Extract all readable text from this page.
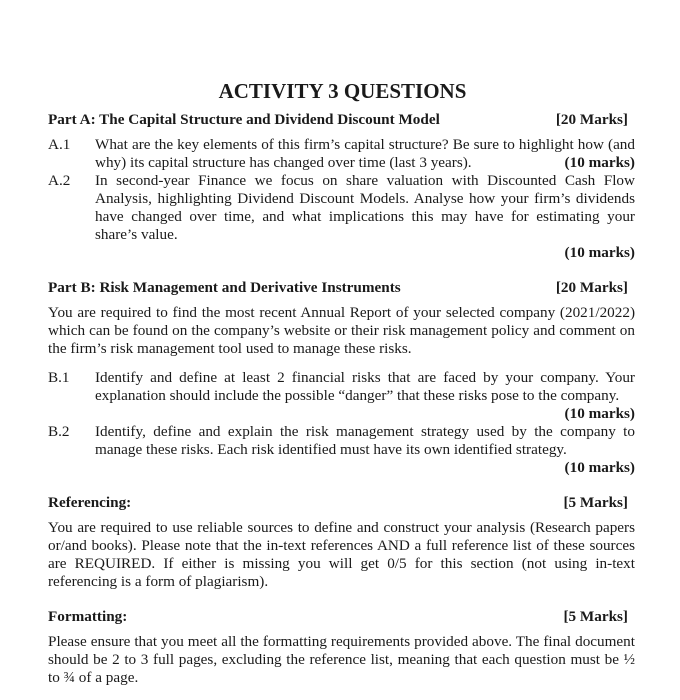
ACTIVITY 3 QUESTIONS
Part A: The Capital Structure and Dividend Discount Model	[20 Marks]
A.1	What are the key elements of this firm’s capital structure? Be sure to highlight how (and why) its capital structure has changed over time (last 3 years).	(10 marks)
A.2	In second-year Finance we focus on share valuation with Discounted Cash Flow Analysis, highlighting Dividend Discount Models. Analyse how your firm’s dividends have changed over time, and what implications this may have for estimating your share’s value.
(10 marks)
Part B: Risk Management and Derivative Instruments	[20 Marks]

You are required to find the most recent Annual Report of your selected company (2021/2022) which can be found on the company’s website or their risk management policy and comment on the firm’s risk management tool used to manage these risks.

B.1	Identify and define at least 2 financial risks that are faced by your company. Your explanation should include the possible “danger” that these risks pose to the company.
(10 marks)
B.2	Identify, define and explain the risk management strategy used by the company to manage these risks. Each risk identified must have its own identified strategy.
(10 marks)
Referencing:	[5 Marks]

You are required to use reliable sources to define and construct your analysis (Research papers or/and books). Please note that the in-text references AND a full reference list of these sources are REQUIRED. If either is missing you will get 0/5 for this section (not using in-text referencing is a form of plagiarism).

Formatting:	[5 Marks]

Please ensure that you meet all the formatting requirements provided above. The final document should be 2 to 3 full pages, excluding the reference list, meaning that each question must be ½ to ¾ of a page.
